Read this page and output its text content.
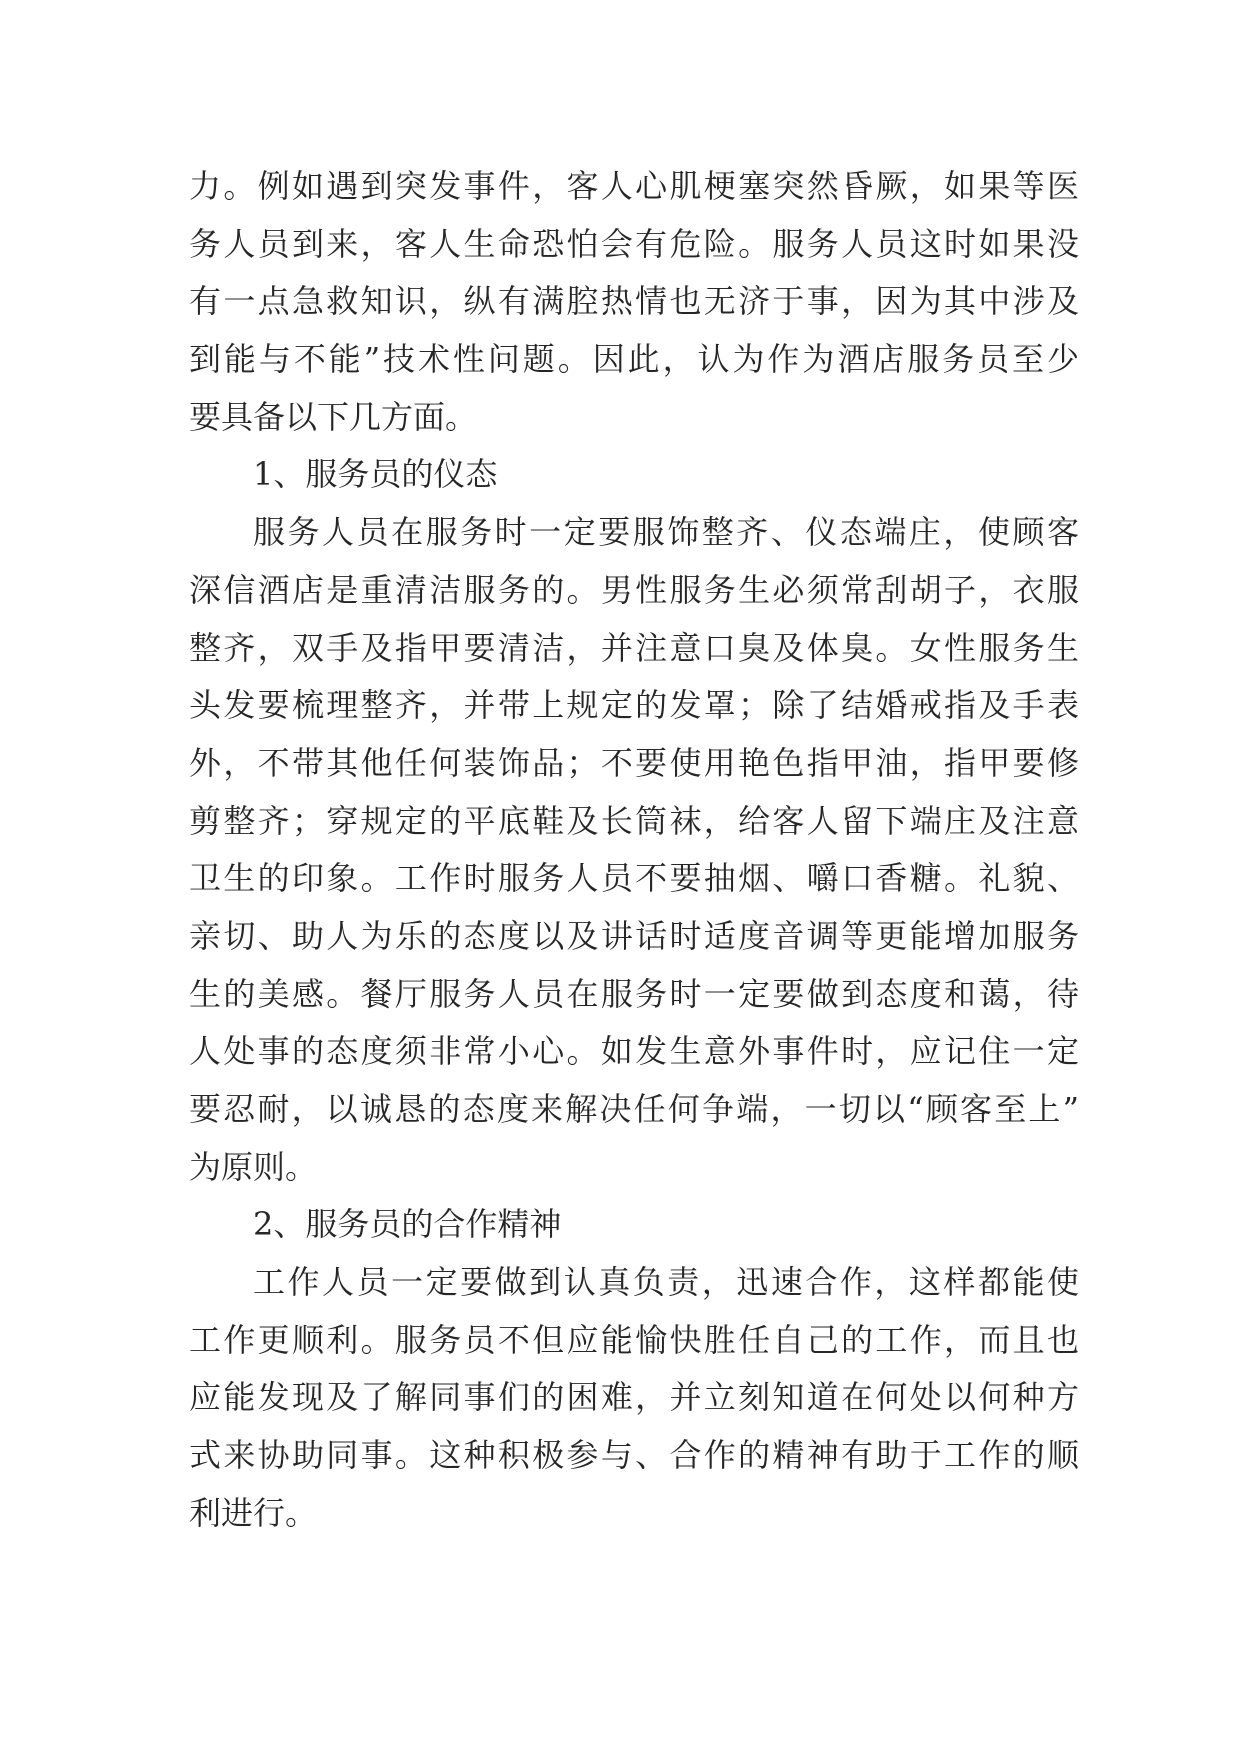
力。例如遇到突发事件，客人心肌梗塞突然昏厥，如果等医
务人员到来，客人生命恐怕会有危险。服务人员这时如果没
有一点急救知识，纵有满腔热情也无济于事，因为其中涉及
到能与不能”技术性问题。因此，认为作为酒店服务员至少
要具备以下几方面。
1、服务员的仪态
服务人员在服务时一定要服饰整齐、仪态端庄，使顾客
深信酒店是重清洁服务的。男性服务生必须常刮胡子，衣服
整齐，双手及指甲要清洁，并注意口臭及体臭。女性服务生
头发要梳理整齐，并带上规定的发罩；除了结婚戒指及手表
外，不带其他任何装饰品；不要使用艳色指甲油，指甲要修
剪整齐；穿规定的平底鞋及长筒袜，给客人留下端庄及注意
卫生的印象。工作时服务人员不要抽烟、嚼口香糖。礼貌、
亲切、助人为乐的态度以及讲话时适度音调等更能增加服务
生的美感。餐厅服务人员在服务时一定要做到态度和蔼，待
人处事的态度须非常小心。如发生意外事件时，应记住一定
要忍耐，以诚恳的态度来解决任何争端，一切以“顾客至上”
为原则。
2、服务员的合作精神
工作人员一定要做到认真负责，迅速合作，这样都能使
工作更顺利。服务员不但应能愉快胜任自己的工作，而且也
应能发现及了解同事们的困难，并立刻知道在何处以何种方
式来协助同事。这种积极参与、合作的精神有助于工作的顺
利进行。
